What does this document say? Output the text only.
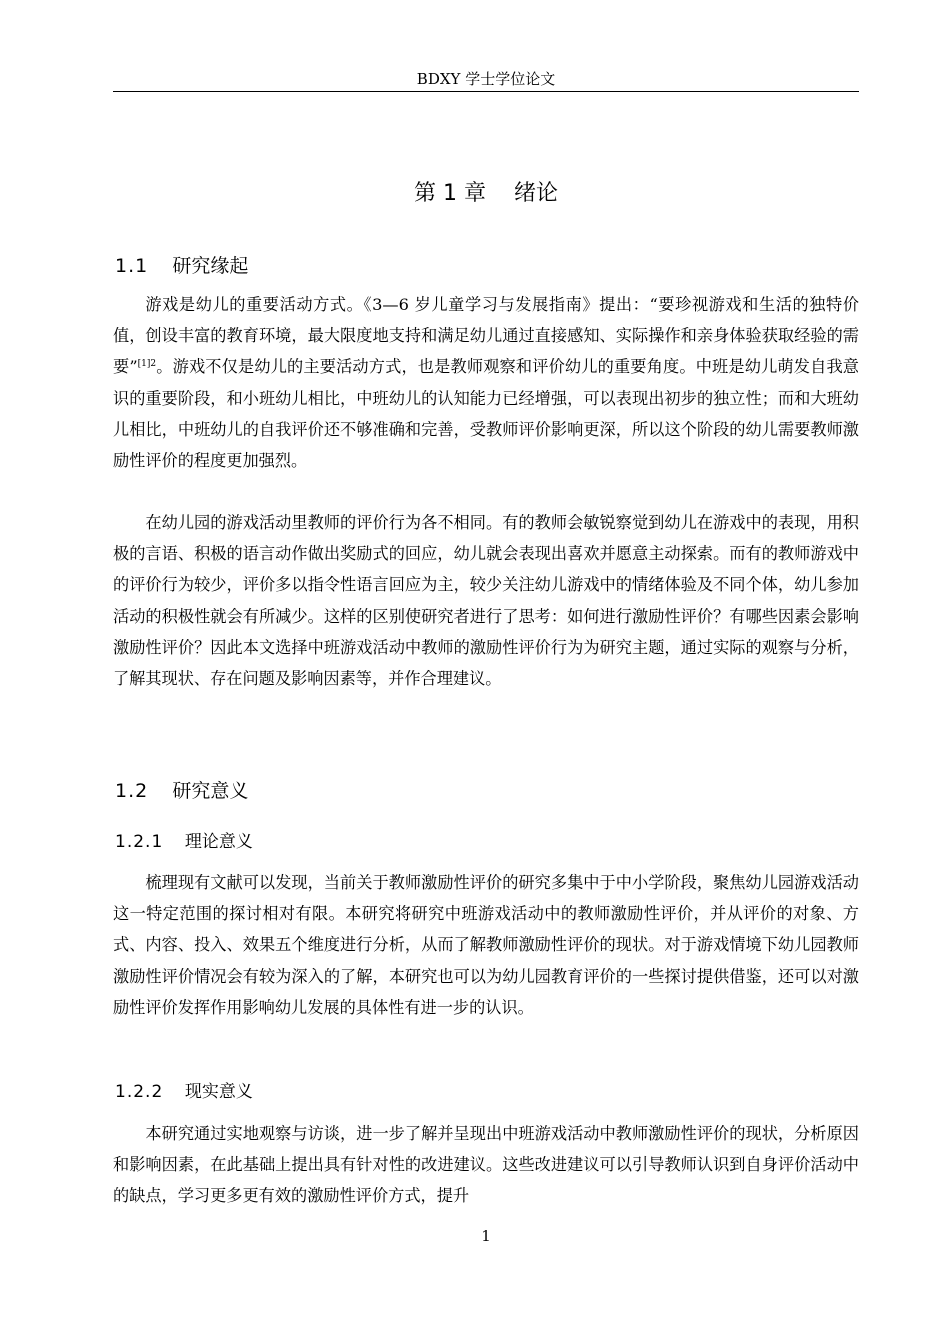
BDXY 学士学位论文
第 1 章    绪论
1.1 研究缘起

游戏是幼儿的重要活动方式。《3—6 岁儿童学习与发展指南》提出：“要珍视游戏和生活的独特价值，创设丰富的教育环境，最大限度地支持和满足幼儿通过直接感知、实际操作和亲身体验获取经验的需要”$^{[1]2}$。游戏不仅是幼儿的主要活动方式，也是教师观察和评价幼儿的重要角度。中班是幼儿萌发自我意识的重要阶段，和小班幼儿相比，中班幼儿的认知能力已经增强，可以表现出初步的独立性；而和大班幼儿相比，中班幼儿的自我评价还不够准确和完善，受教师评价影响更深，所以这个阶段的幼儿需要教师激励性评价的程度更加强烈。

在幼儿园的游戏活动里教师的评价行为各不相同。有的教师会敏锐察觉到幼儿在游戏中的表现，用积极的言语、积极的语言动作做出奖励式的回应，幼儿就会表现出喜欢并愿意主动探索。而有的教师游戏中的评价行为较少，评价多以指令性语言回应为主，较少关注幼儿游戏中的情绪体验及不同个体，幼儿参加活动的积极性就会有所减少。这样的区别使研究者进行了思考：如何进行激励性评价？有哪些因素会影响激励性评价？因此本文选择中班游戏活动中教师的激励性评价行为为研究主题，通过实际的观察与分析，了解其现状、存在问题及影响因素等，并作合理建议。

1.2 研究意义
1.2.1 理论意义

梳理现有文献可以发现，当前关于教师激励性评价的研究多集中于中小学阶段，聚焦幼儿园游戏活动这一特定范围的探讨相对有限。本研究将研究中班游戏活动中的教师激励性评价，并从评价的对象、方式、内容、投入、效果五个维度进行分析，从而了解教师激励性评价的现状。对于游戏情境下幼儿园教师激励性评价情况会有较为深入的了解，本研究也可以为幼儿园教育评价的一些探讨提供借鉴，还可以对激励性评价发挥作用影响幼儿发展的具体性有进一步的认识。

1.2.2 现实意义

本研究通过实地观察与访谈，进一步了解并呈现出中班游戏活动中教师激励性评价的现状，分析原因和影响因素，在此基础上提出具有针对性的改进建议。这些改进建议可以引导教师认识到自身评价活动中的缺点，学习更多更有效的激励性评价方式，提升

1
